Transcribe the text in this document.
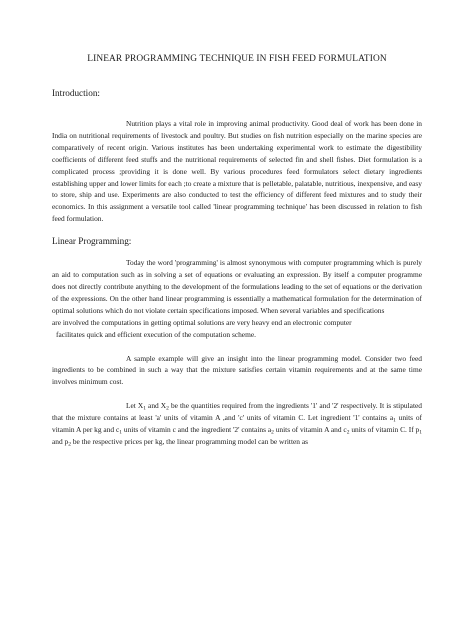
LINEAR PROGRAMMING TECHNIQUE IN FISH FEED FORMULATION
Introduction:

Nutrition plays a vital role in improving animal productivity. Good deal of work has been done in India on nutritional requirements of livestock and poultry. But studies on fish nutrition especially on the marine species are comparatively of recent origin. Various institutes has been undertaking experimental work to estimate the digestibility coefficients of different feed stuffs and the nutritional requirements of selected fin and shell fishes. Diet formulation is a complicated process ;providing it is done well. By various procedures feed formulators select dietary ingredients establishing upper and lower limits for each ;to create a mixture that is pelletable, palatable, nutritious, inexpensive, and easy to store, ship and use. Experiments are also conducted to test the efficiency of different feed mixtures and to study their economics. In this assignment a versatile tool called 'linear programming technique' has been discussed in relation to fish feed formulation.

Linear Programming:

Today the word 'programming' is almost synonymous with computer programming which is purely an aid to computation such as in solving a set of equations or evaluating an expression. By itself a computer programme does not directly contribute anything to the development of the formulations leading to the set of equations or the derivation of the expressions. On the other hand linear programming is essentially a mathematical formulation for the determination of optimal solutions which do not violate certain specifications imposed. When several variables and specifications

are involved the computations in getting optimal solutions are very heavy end an electronic computer

facilitates quick and efficient execution of the computation scheme.

A sample example will give an insight into the linear programming model. Consider two feed ingredients to be combined in such a way that the mixture satisfies certain vitamin requirements and at the same time involves minimum cost.

Let $X_1$ and $X_2$ be the quantities required from the ingredients '1' and '2' respectively. It is stipulated that the mixture contains at least 'a' units of vitamin A ,and 'c' units of vitamin C. Let ingredient '1' contains $a_1$ units of vitamin A per kg and $c_1$ units of vitamin c and the ingredient '2' contains $a_2$ units of vitamin A and $c_2$ units of vitamin C. If $p_1$ and $p_2$ be the respective prices per kg, the linear programming model can be written as
